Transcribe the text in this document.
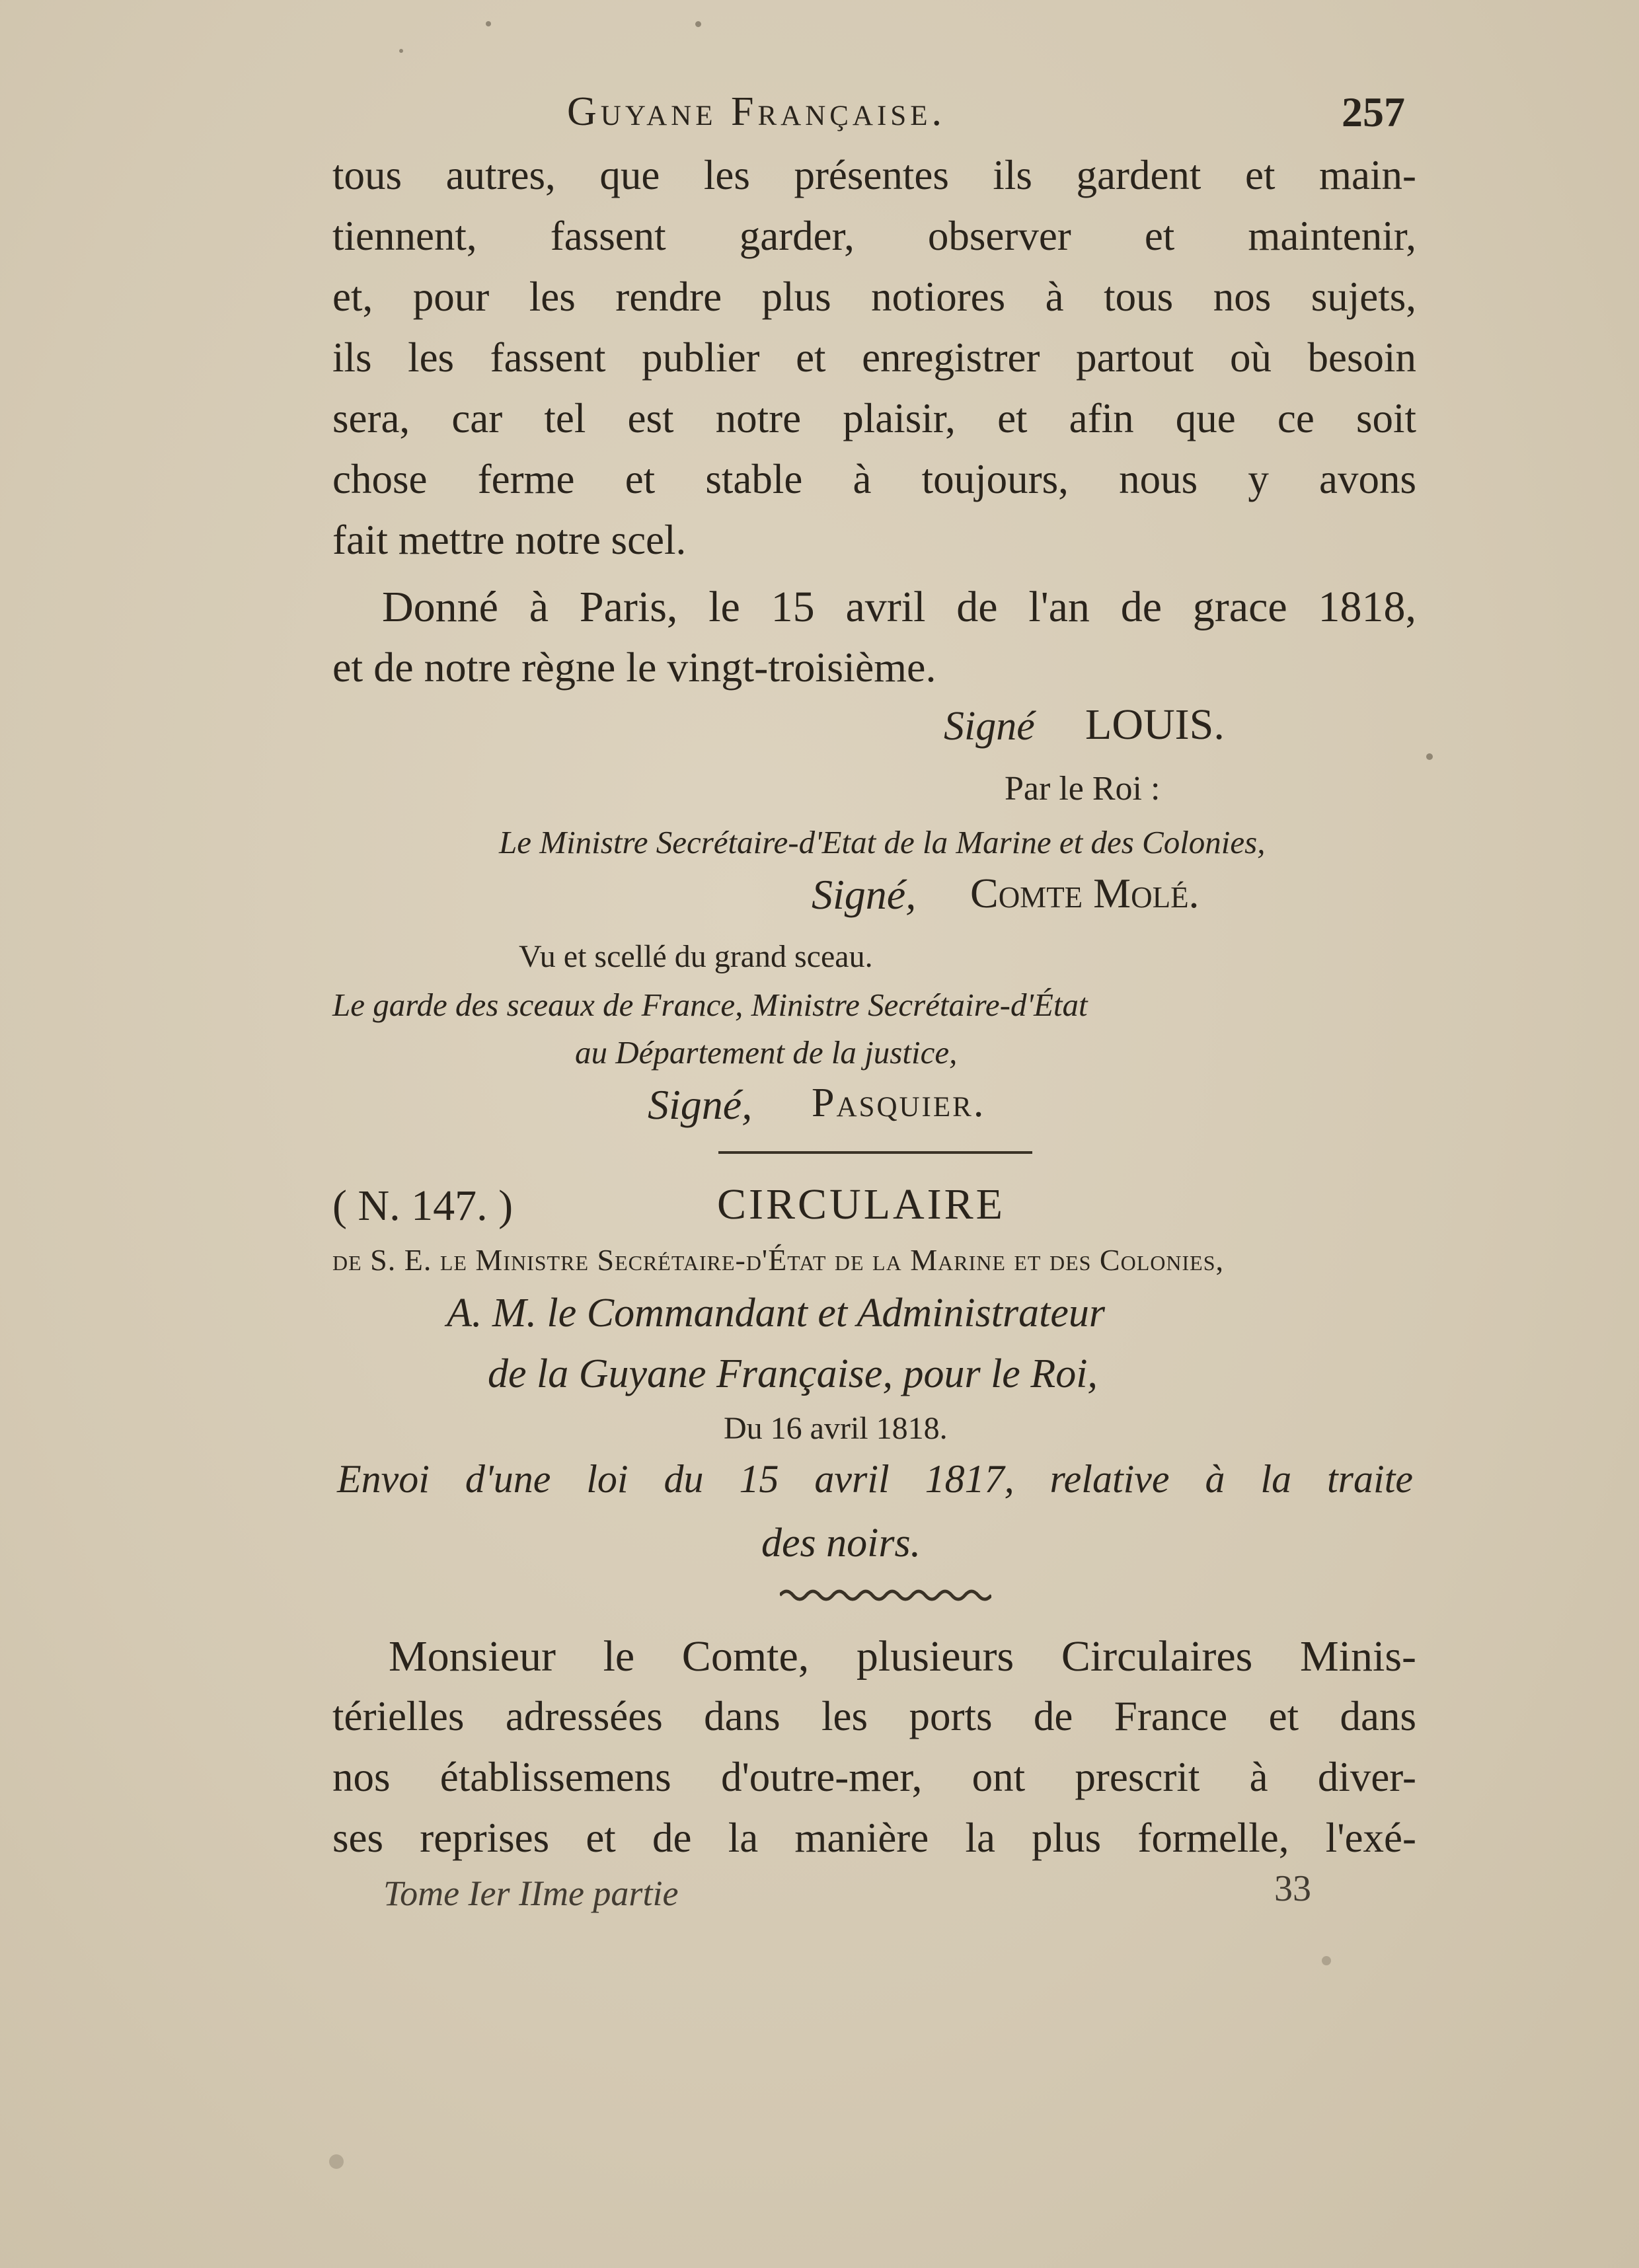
Guyane Française.	257
tous autres, que les présentes ils gardent et main-
tiennent, fassent garder, observer et maintenir,
et, pour les rendre plus notiores à tous nos sujets,
ils les fassent publier et enregistrer partout où besoin
sera, car tel est notre plaisir, et afin que ce soit
chose ferme et stable à toujours, nous y avons
fait mettre notre scel.
Donné à Paris, le 15 avril de l'an de grace 1818,
et de notre règne le vingt-troisième.
Signé LOUIS.
Par le Roi :
Le Ministre Secrétaire-d'Etat de la Marine et des Colonies,
Signé, Comte Molé.
Vu et scellé du grand sceau.
Le garde des sceaux de France, Ministre Secrétaire-d'État
au Département de la justice,
Signé, Pasquier.
( N. 147. )	CIRCULAIRE
de S. E. le Ministre Secrétaire-d'État de la Marine et des Colonies,
A. M. le Commandant et Administrateur
de la Guyane Française, pour le Roi,
Du 16 avril 1818.
Envoi d'une loi du 15 avril 1817, relative à la traite
des noirs.
Monsieur le Comte, plusieurs Circulaires Minis-
térielles adressées dans les ports de France et dans
nos établissemens d'outre-mer, ont prescrit à diver-
ses reprises et de la manière la plus formelle, l'exé-
Tome Ier IIme partie	33
